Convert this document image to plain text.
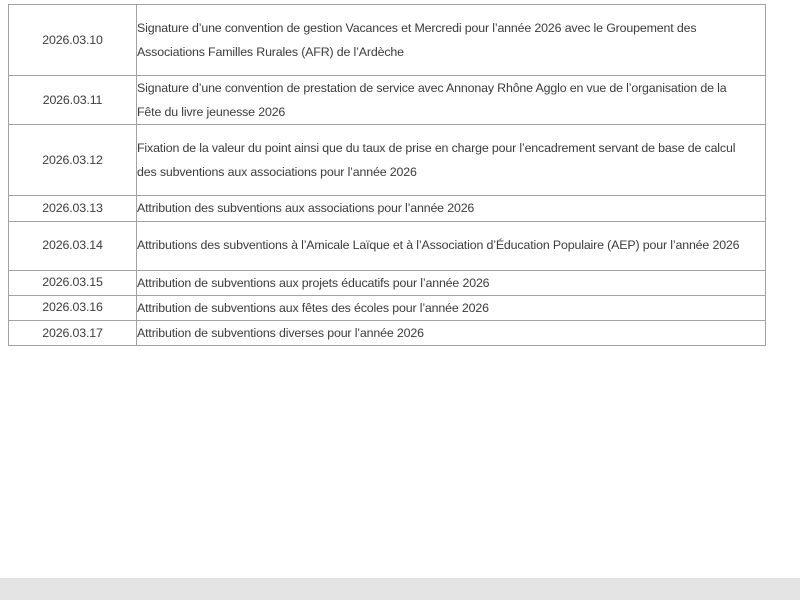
2026.03.10	Signature d’une convention de gestion Vacances et Mercredi pour l’année 2026 avec le Groupement des Associations Familles Rurales (AFR) de l’Ardèche

2026.03.11	Signature d’une convention de prestation de service avec Annonay Rhône Agglo en vue de l’organisation de la Fête du livre jeunesse 2026

2026.03.12	Fixation de la valeur du point ainsi que du taux de prise en charge pour l’encadrement servant de base de calcul des subventions aux associations pour l’année 2026

2026.03.13	Attribution des subventions aux associations pour l’année 2026

2026.03.14	Attributions des subventions à l’Amicale Laïque et à l’Association d’Éducation Populaire (AEP) pour l’année 2026

2026.03.15	Attribution de subventions aux projets éducatifs pour l’année 2026

2026.03.16	Attribution de subventions aux fêtes des écoles pour l’année 2026

2026.03.17	Attribution de subventions diverses pour l’année 2026
